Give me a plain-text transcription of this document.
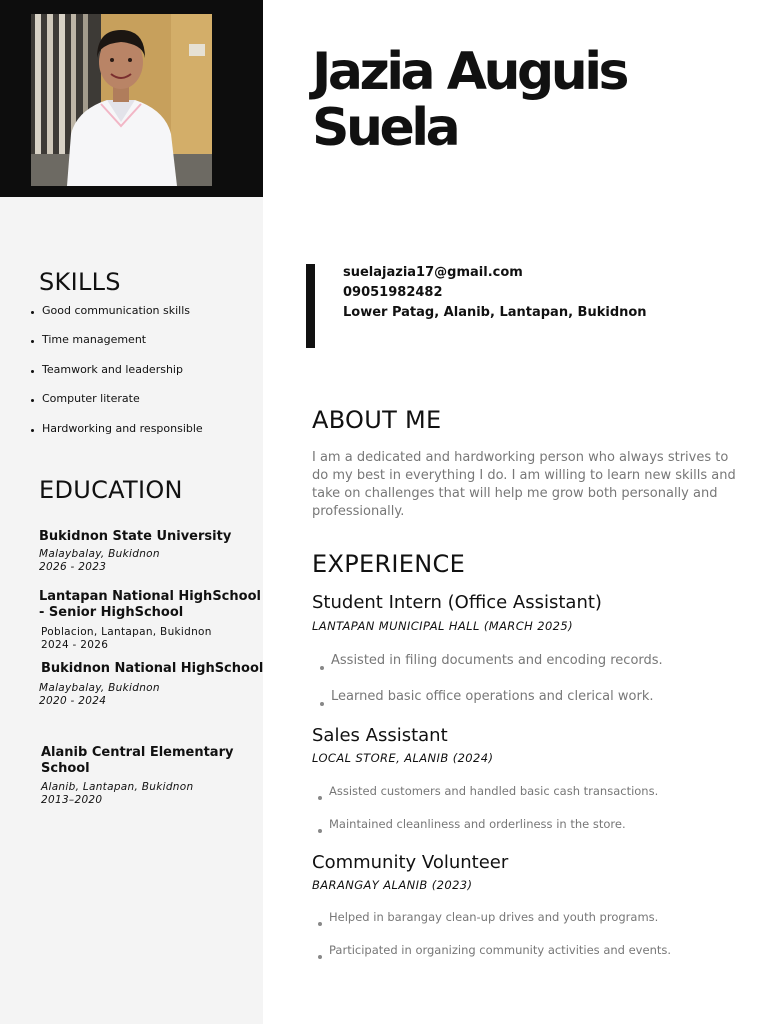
Jazia Auguis
Suela
suelajazia17@gmail.com
09051982482
Lower Patag, Alanib, Lantapan, Bukidnon
SKILLS
Good communication skills
Time management
Teamwork and leadership
Computer literate
Hardworking and responsible
EDUCATION
Bukidnon State University
Malaybalay, Bukidnon
2026 - 2023
Lantapan National HighSchool - Senior HighSchool
Poblacion, Lantapan, Bukidnon
2024 - 2026
Bukidnon National HighSchool
Malaybalay, Bukidnon
2020 - 2024
Alanib Central Elementary School
Alanib, Lantapan, Bukidnon
2013–2020
ABOUT ME
I am a dedicated and hardworking person who always strives to do my best in everything I do. I am willing to learn new skills and take on challenges that will help me grow both personally and professionally.
EXPERIENCE
Student Intern (Office Assistant)
LANTAPAN MUNICIPAL HALL (MARCH 2025)
Assisted in filing documents and encoding records.
Learned basic office operations and clerical work.
Sales Assistant
LOCAL STORE, ALANIB (2024)
Assisted customers and handled basic cash transactions.
Maintained cleanliness and orderliness in the store.
Community Volunteer
BARANGAY ALANIB (2023)
Helped in barangay clean-up drives and youth programs.
Participated in organizing community activities and events.
